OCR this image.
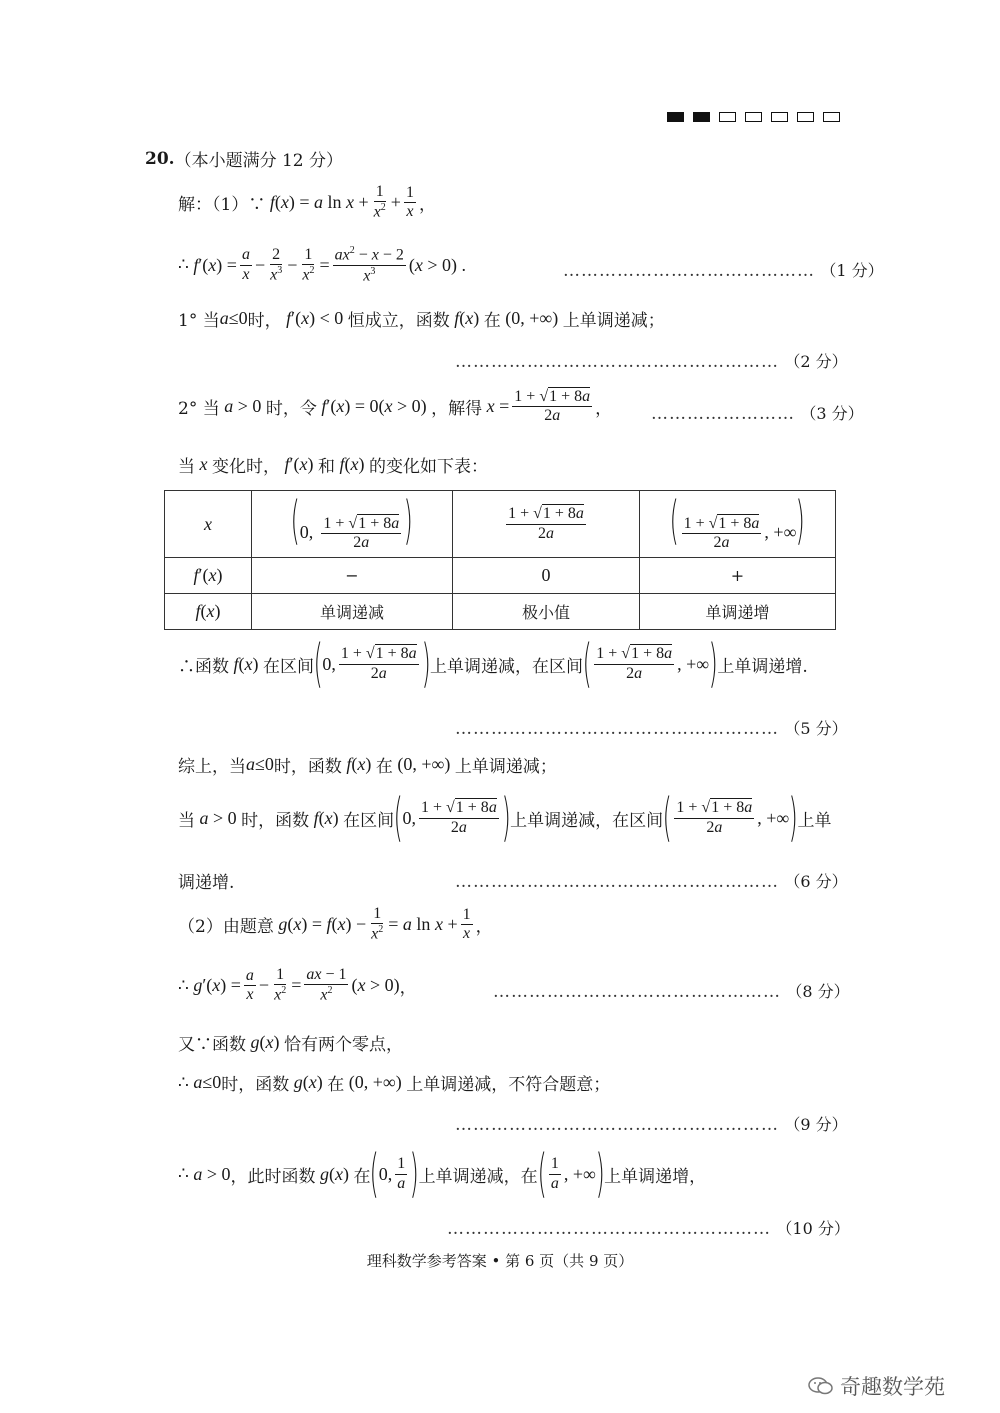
20. （本小题满分 12 分）
解：（1）∵ f(x) = a $\ln x + \frac{1}{x^2} + \frac{1}{x}$ ，
∴ $f'(x) = \frac{a}{x} - \frac{2}{x^3} - \frac{1}{x^2} = \frac{ax^2 - x - 2}{x^3} (x > 0)$ .	…………………………………… （1 分）
1° 当 a≤0 时， f′(x) < 0 恒成立，函数 f(x) 在 (0, +∞) 上单调递减；
……………………………………………… （2 分）
2° 当 a > 0 时，令 f′(x) = 0(x > 0) ，解得 $x = \frac{1 + √1 + 8a}{2a}$ ， …………………… （3 分）
当 x 变化时， f′(x) 和 f(x) 的变化如下表：
x	(0, $\frac{1 + √1 + 8a}{2a}$ )	$\frac{1 + √1 + 8a}{2a}$	( $\frac{1 + √1 + 8a}{2a}$ , +∞)
f′(x)	−	0	+
f(x)	单调递减	极小值	单调递增
∴函数 f(x) 在区间 ( 0, $\frac{1 + √1 + 8a}{2a}$ ) 上单调递减，在区间 ( $\frac{1 + √1 + 8a}{2a}$ , +∞ ) 上单调递增.
……………………………………………… （5 分）
综上，当 a≤0 时，函数 f(x) 在 (0, +∞) 上单调递减；
当 a > 0 时，函数 f(x) 在区间 ( 0, $\frac{1 + √1 + 8a}{2a}$ ) 上单调递减，在区间 ( $\frac{1 + √1 + 8a}{2a}$ , +∞ ) 上单
调递增.	……………………………………………… （6 分）
（2）由题意 $g(x) = f(x) - \frac{1}{x^2} = a$ $\ln x + \frac{1}{x}$ ，
∴ $g'(x) = \frac{a}{x} - \frac{1}{x^2} = \frac{ax - 1}{x^2} (x > 0)$ ，	………………………………………… （8 分）
又∵函数 g(x) 恰有两个零点，
∴ a≤0 时，函数 g(x) 在 (0, +∞) 上单调递减，不符合题意；
……………………………………………… （9 分）
∴ a > 0 ，此时函数 g(x) 在 ( 0, $\frac{1}{a}$ ) 上单调递减，在 ( $\frac{1}{a}$ , +∞ ) 上单调递增，
……………………………………………… （10 分）
理科数学参考答案 • 第 6 页（共 9 页）
奇趣数学苑
